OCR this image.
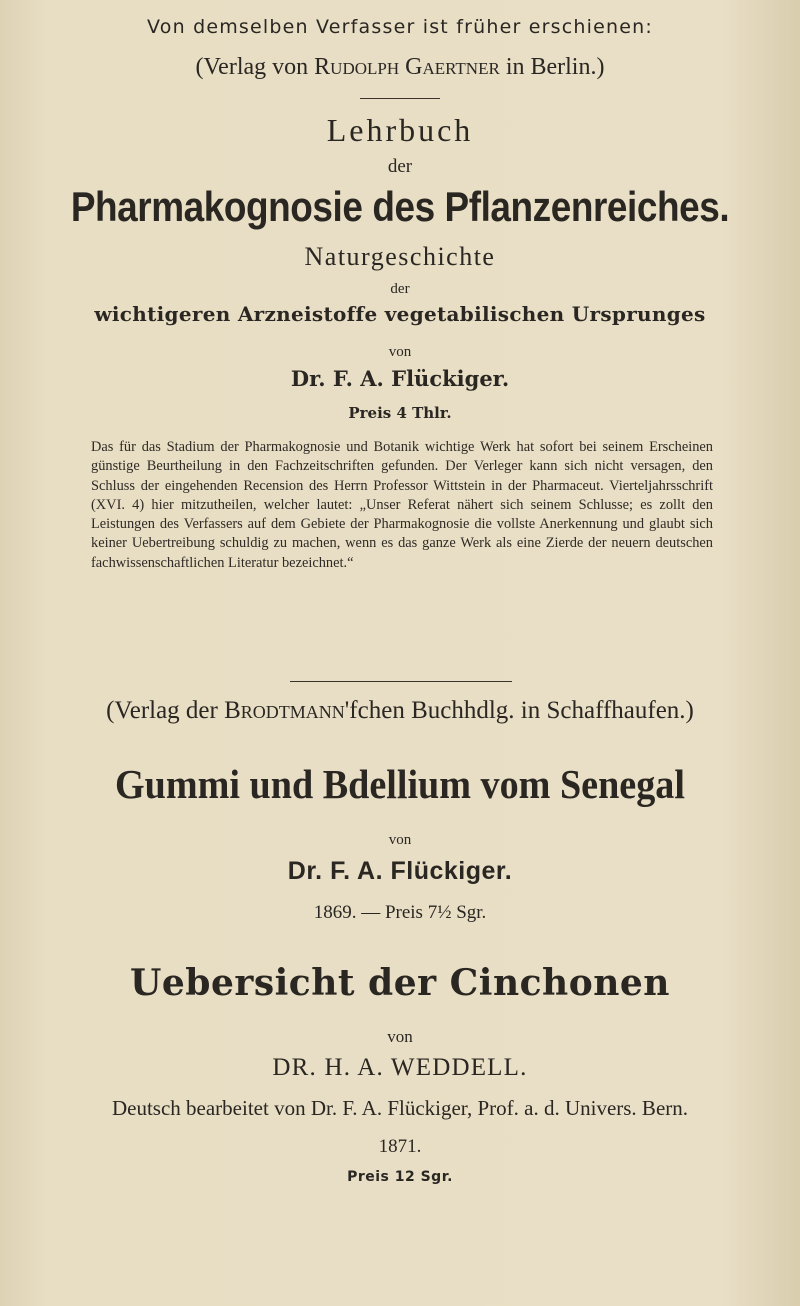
Von demselben Verfasser ist früher erschienen:
(Verlag von Rudolph Gaertner in Berlin.)
Lehrbuch
der
Pharmakognosie des Pflanzenreiches.
Naturgeschichte
der
wichtigeren Arzneistoffe vegetabilischen Ursprunges
von
Dr. F. A. Flückiger.
Preis 4 Thlr.
Das für das Stadium der Pharmakognosie und Botanik wichtige Werk hat sofort bei seinem Erscheinen günstige Beurtheilung in den Fachzeitschriften gefunden. Der Verleger kann sich nicht versagen, den Schluss der eingehenden Recension des Herrn Professor Wittstein in der Pharmaceut. Vierteljahrsschrift (XVI. 4) hier mitzutheilen, welcher lautet: „Unser Referat nähert sich seinem Schlusse; es zollt den Leistungen des Verfassers auf dem Gebiete der Pharmakognosie die vollste Anerkennung und glaubt sich keiner Uebertreibung schuldig zu machen, wenn es das ganze Werk als eine Zierde der neuern deutschen fachwissenschaftlichen Literatur bezeichnet.“
(Verlag der Brodtmann'fchen Buchhdlg. in Schaffhaufen.)
Gummi und Bdellium vom Senegal
von
Dr. F. A. Flückiger.
1869. — Preis 7½ Sgr.
Uebersicht der Cinchonen
von
DR. H. A. WEDDELL.
Deutsch bearbeitet von Dr. F. A. Flückiger, Prof. a. d. Univers. Bern.
1871.
Preis 12 Sgr.
